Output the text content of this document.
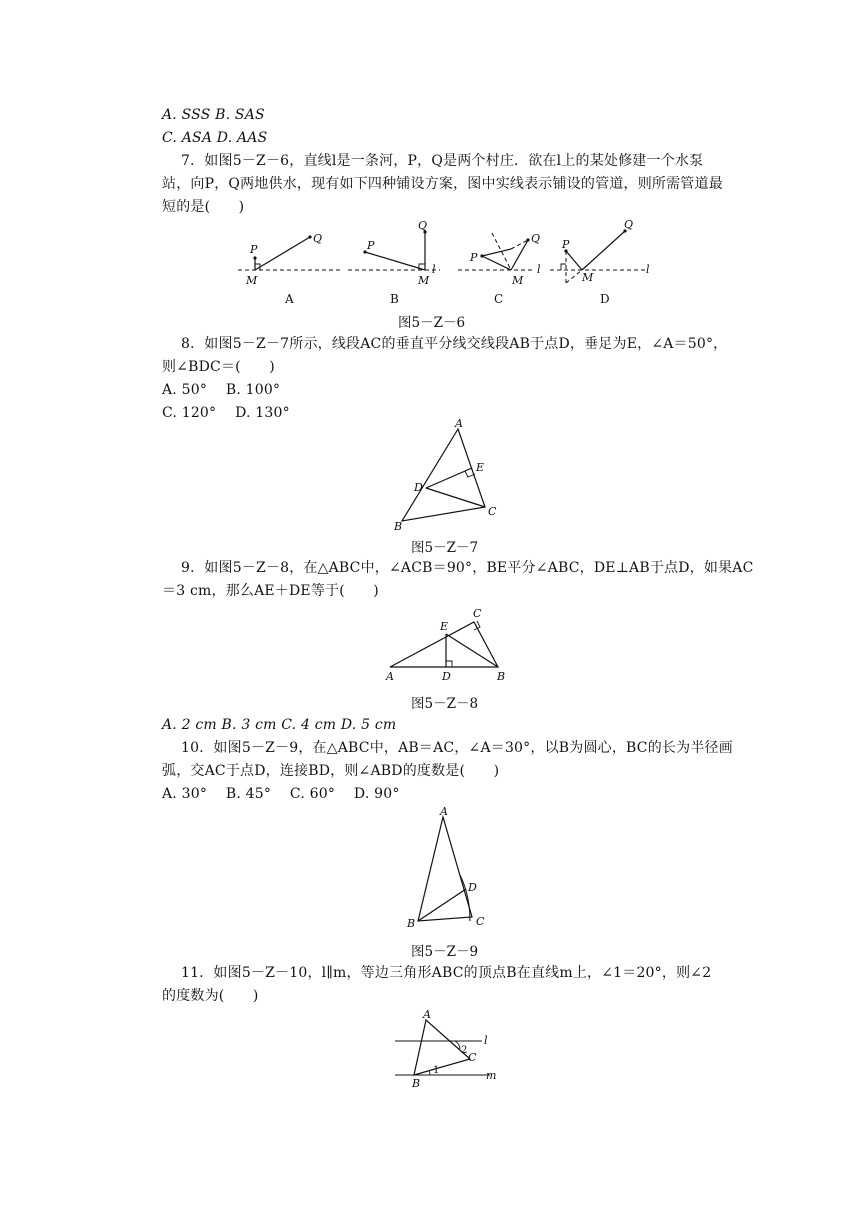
A. SSS B. SAS
C. ASA D. AAS
7．如图5－Z－6，直线l是一条河，P，Q是两个村庄．欲在l上的某处修建一个水泵
站，向P，Q两地供水，现有如下四种铺设方案，图中实线表示铺设的管道，则所需管道最
短的是(　　)
P
Q
M
A
P
Q
M
l
B
P
Q
M
l
C
P
Q
M
l
D
图5－Z－6
8．如图5－Z－7所示，线段AC的垂直平分线交线段AB于点D，垂足为E，∠A＝50°，
则∠BDC＝(　　)
A. 50°　 B. 100°
C. 120°　 D. 130°
A
B
C
D
E
图5－Z－7
9．如图5－Z－8，在△ABC中，∠ACB＝90°，BE平分∠ABC，DE⊥AB于点D，如果AC
＝3 cm，那么AE＋DE等于(　　)
A	B
C
D
E
图5－Z－8
A. 2 cm B. 3 cm C. 4 cm D. 5 cm
10．如图5－Z－9，在△ABC中，AB＝AC，∠A＝30°，以B为圆心，BC的长为半径画
弧，交AC于点D，连接BD，则∠ABD的度数是(　　)
A. 30°　 B. 45°　 C. 60°　 D. 90°
A
B	C
D
图5－Z－9
11．如图5－Z－10，l∥m，等边三角形ABC的顶点B在直线m上，∠1＝20°，则∠2
的度数为(　　)
A
B
C
l
m
1
2
